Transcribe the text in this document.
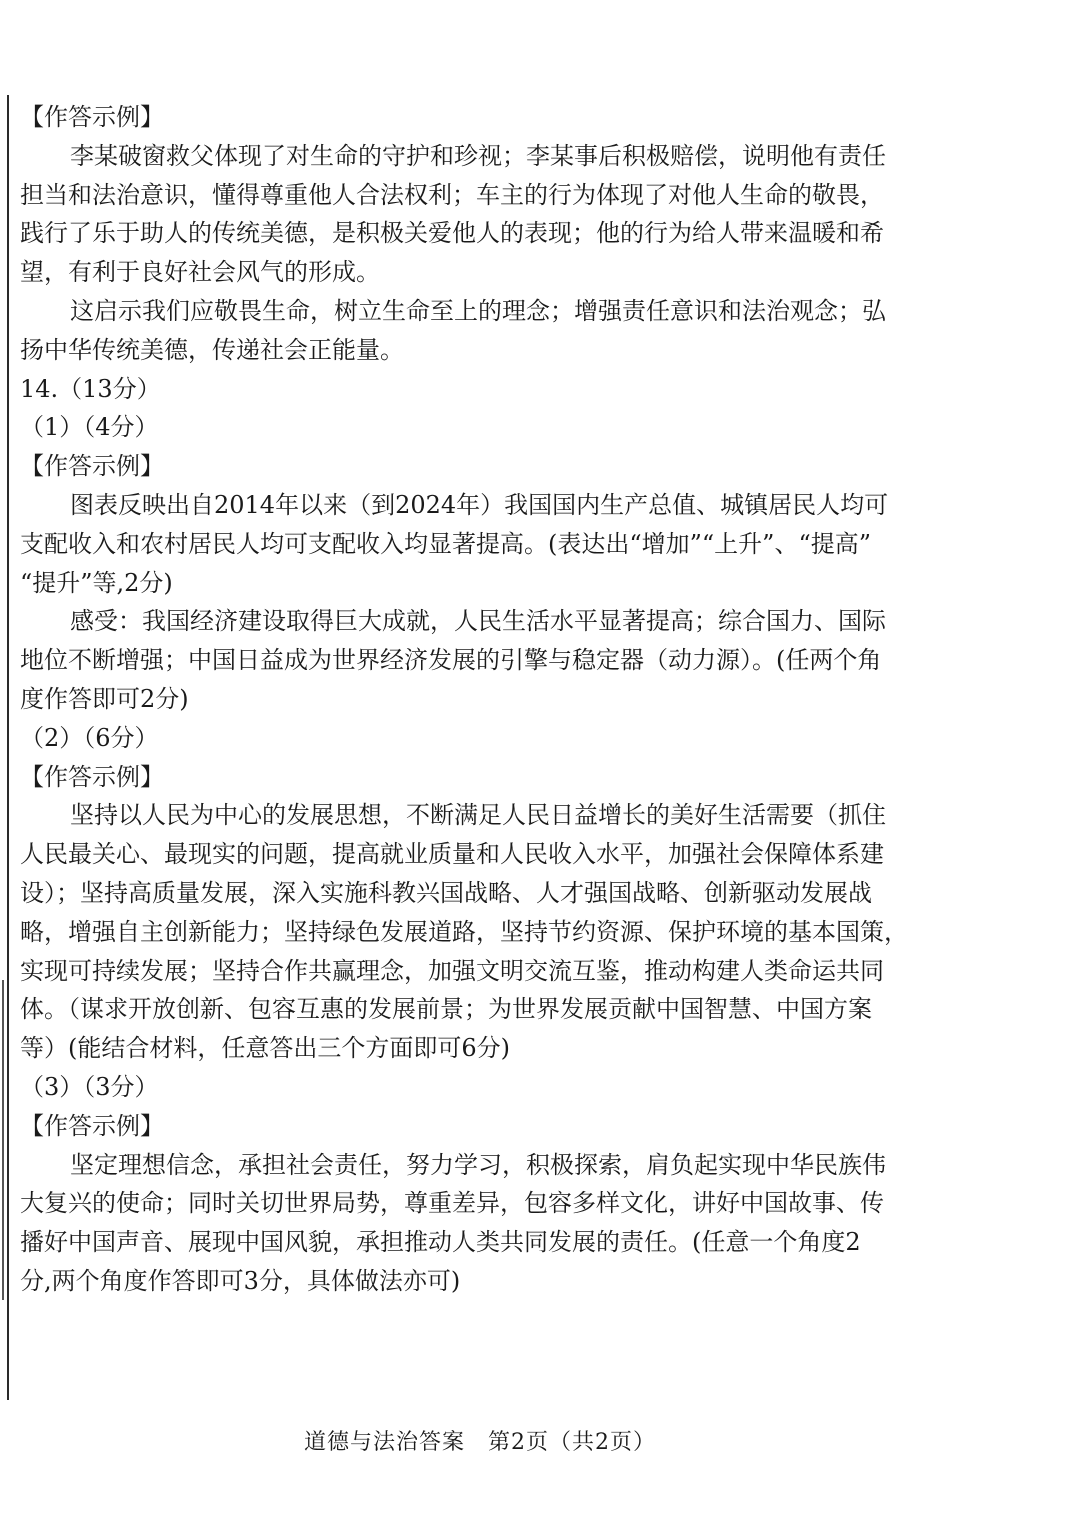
【作答示例】
李某破窗救父体现了对生命的守护和珍视；李某事后积极赔偿，说明他有责任
担当和法治意识，懂得尊重他人合法权利；车主的行为体现了对他人生命的敬畏，
践行了乐于助人的传统美德，是积极关爱他人的表现；他的行为给人带来温暖和希
望，有利于良好社会风气的形成。
这启示我们应敬畏生命，树立生命至上的理念；增强责任意识和法治观念；弘
扬中华传统美德，传递社会正能量。
14.（13分）
（1）（4分）
【作答示例】
图表反映出自2014年以来（到2024年）我国国内生产总值、城镇居民人均可
支配收入和农村居民人均可支配收入均显著提高。(表达出“增加”“上升”、“提高”
“提升”等,2分)
感受：我国经济建设取得巨大成就，人民生活水平显著提高；综合国力、国际
地位不断增强；中国日益成为世界经济发展的引擎与稳定器（动力源）。(任两个角
度作答即可2分)
（2）（6分）
【作答示例】
坚持以人民为中心的发展思想，不断满足人民日益增长的美好生活需要（抓住
人民最关心、最现实的问题，提高就业质量和人民收入水平，加强社会保障体系建
设）；坚持高质量发展，深入实施科教兴国战略、人才强国战略、创新驱动发展战
略，增强自主创新能力；坚持绿色发展道路，坚持节约资源、保护环境的基本国策，
实现可持续发展；坚持合作共赢理念，加强文明交流互鉴，推动构建人类命运共同
体。（谋求开放创新、包容互惠的发展前景；为世界发展贡献中国智慧、中国方案
等）(能结合材料，任意答出三个方面即可6分)
（3）（3分）
【作答示例】
坚定理想信念，承担社会责任，努力学习，积极探索，肩负起实现中华民族伟
大复兴的使命；同时关切世界局势，尊重差异，包容多样文化，讲好中国故事、传
播好中国声音、展现中国风貌，承担推动人类共同发展的责任。(任意一个角度2
分,两个角度作答即可3分，具体做法亦可)
道德与法治答案　第2页（共2页）
